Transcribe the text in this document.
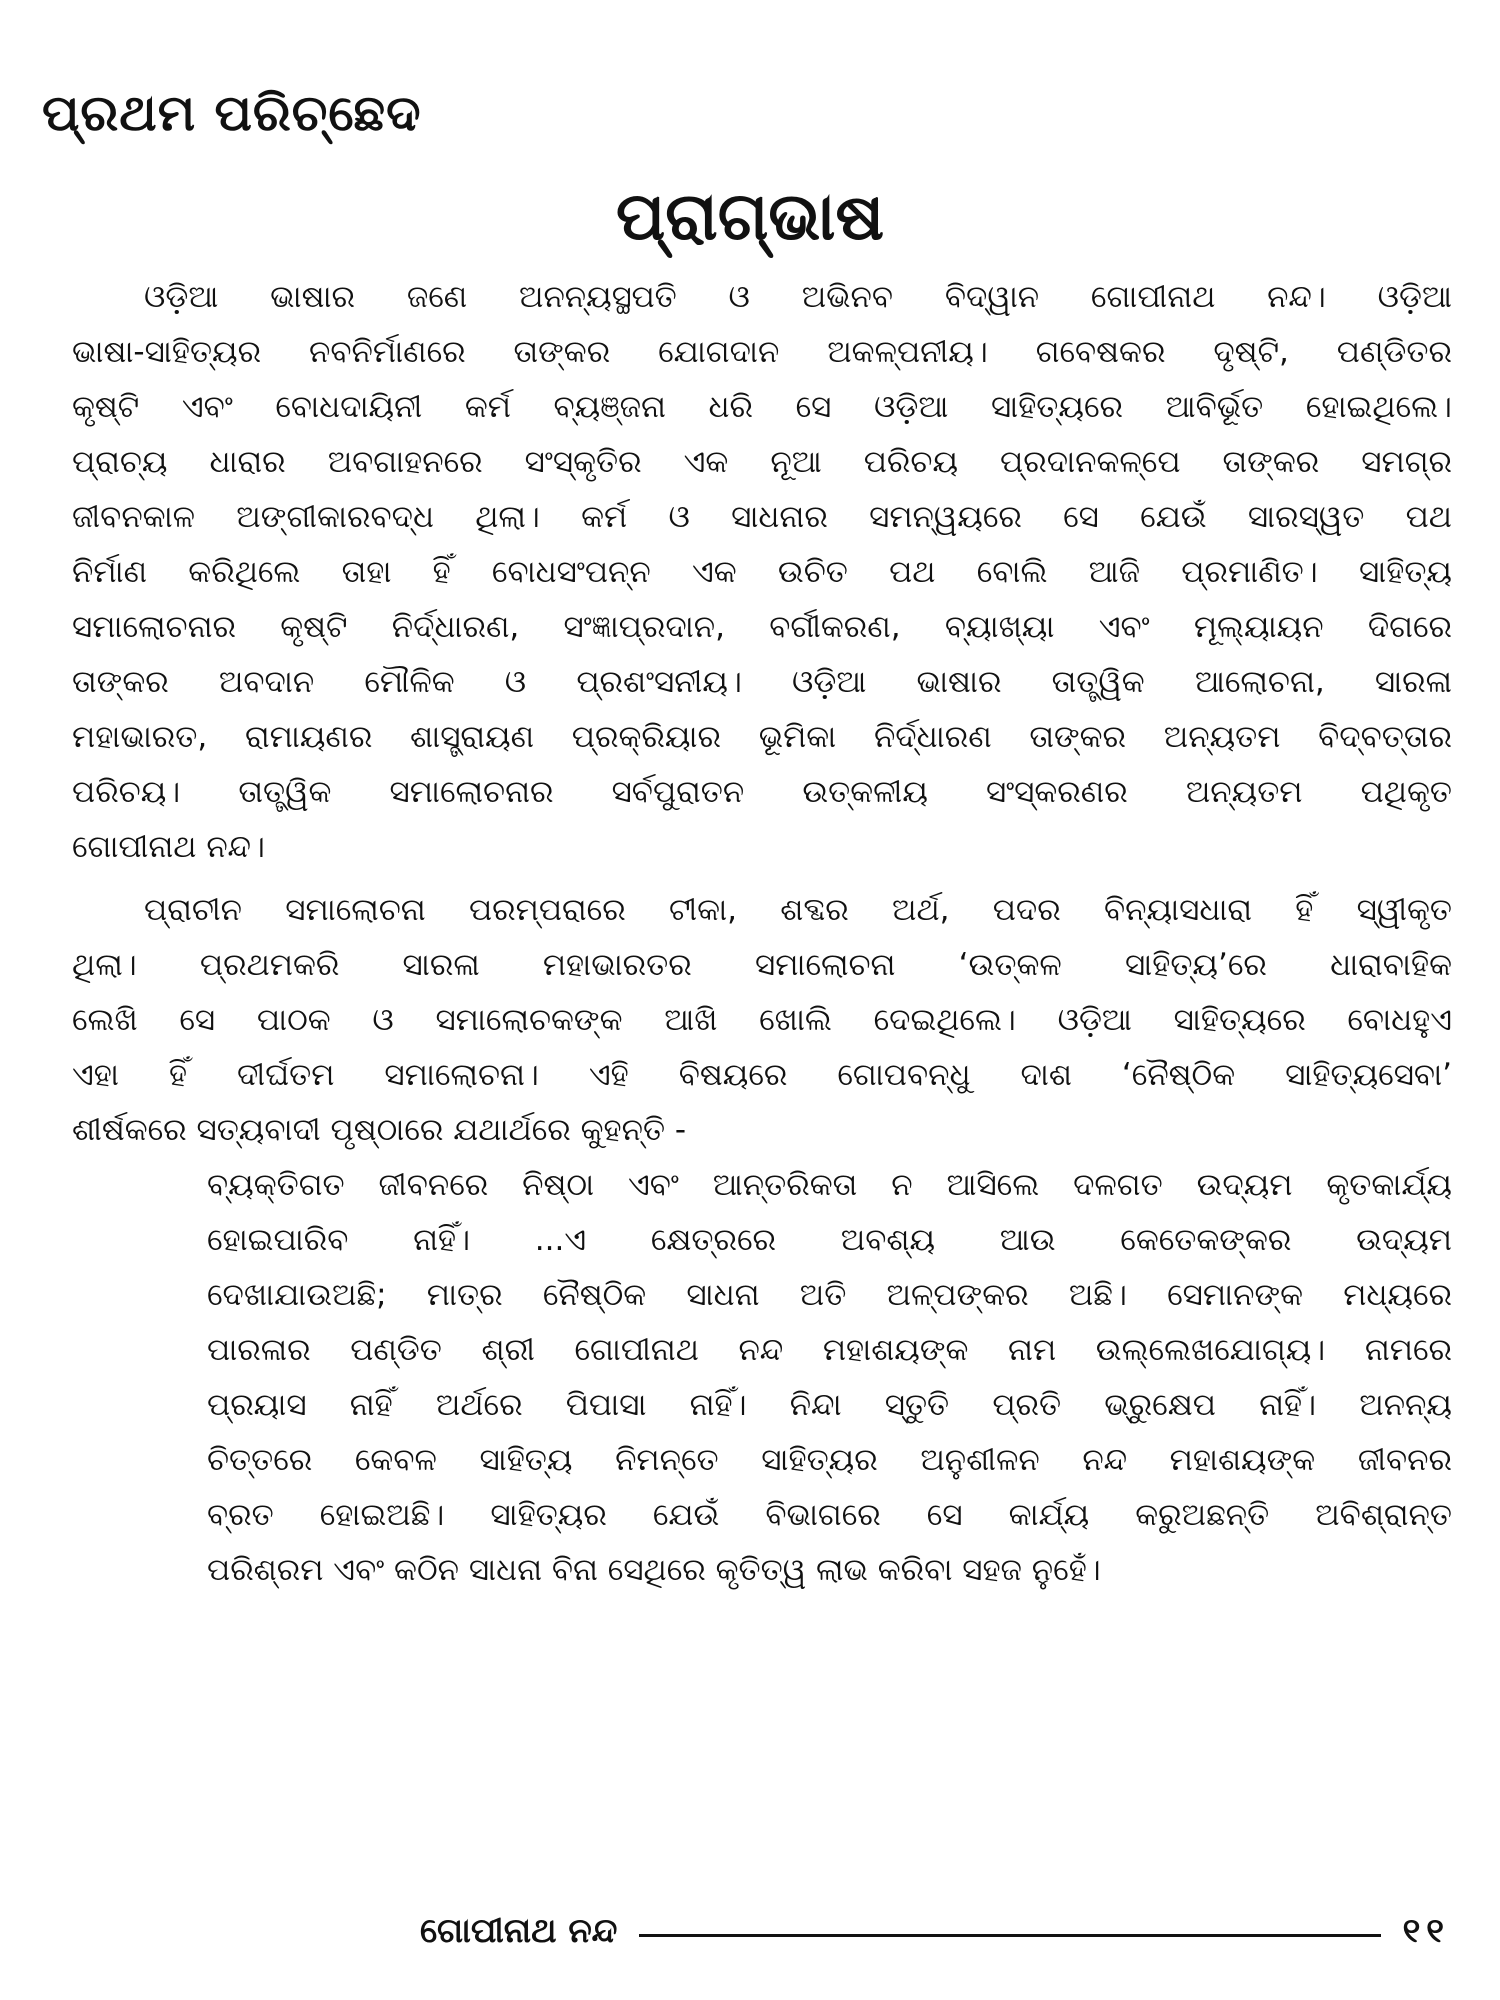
ପ୍ରଥମ ପରିଚ୍ଛେଦ
ପ୍ରାଗ୍‌ଭାଷ
ଓଡ଼ିଆ ଭାଷାର ଜଣେ ଅନନ୍ୟସ୍ଥପତି ଓ ଅଭିନବ ବିଦ୍ୱାନ ଗୋପୀନାଥ ନନ୍ଦ। ଓଡ଼ିଆ
ଭାଷା-ସାହିତ୍ୟର ନବନିର୍ମାଣରେ ତାଙ୍କର ଯୋଗଦାନ ଅକଳ୍ପନୀୟ। ଗବେଷକର ଦୃଷ୍ଟି, ପଣ୍ଡିତର
କୃଷ୍ଟି ଏବଂ ବୋଧଦାୟିନୀ କର୍ମ ବ୍ୟଞ୍ଜନା ଧରି ସେ ଓଡ଼ିଆ ସାହିତ୍ୟରେ ଆବିର୍ଭୂତ ହୋଇଥିଲେ।
ପ୍ରାଚ୍ୟ ଧାରାର ଅବଗାହନରେ ସଂସ୍କୃତିର ଏକ ନୂଆ ପରିଚୟ ପ୍ରଦାନକଳ୍ପେ ତାଙ୍କର ସମଗ୍ର
ଜୀବନକାଳ ଅଙ୍ଗୀକାରବଦ୍ଧ ଥିଲା। କର୍ମ ଓ ସାଧନାର ସମନ୍ୱୟରେ ସେ ଯେଉଁ ସାରସ୍ୱତ ପଥ
ନିର୍ମାଣ କରିଥିଲେ ତାହା ହିଁ ବୋଧସଂପନ୍ନ ଏକ ଉଚିତ ପଥ ବୋଲି ଆଜି ପ୍ରମାଣିତ। ସାହିତ୍ୟ
ସମାଲୋଚନାର କୃଷ୍ଟି ନିର୍ଦ୍ଧାରଣ, ସଂଜ୍ଞାପ୍ରଦାନ, ବର୍ଗୀକରଣ, ବ୍ୟାଖ୍ୟା ଏବଂ ମୂଲ୍ୟାୟନ ଦିଗରେ
ତାଙ୍କର ଅବଦାନ ମୌଳିକ ଓ ପ୍ରଶଂସନୀୟ। ଓଡ଼ିଆ ଭାଷାର ତାତ୍ତ୍ୱିକ ଆଲୋଚନା, ସାରଳା
ମହାଭାରତ, ରାମାୟଣର ଶାସ୍ତ୍ରାୟଣ ପ୍ରକ୍ରିୟାର ଭୂମିକା ନିର୍ଦ୍ଧାରଣ ତାଙ୍କର ଅନ୍ୟତମ ବିଦ୍‌ବତ୍ତାର
ପରିଚୟ। ତାତ୍ତ୍ୱିକ ସମାଲୋଚନାର ସର୍ବପୁରାତନ ଉତ୍କଳୀୟ ସଂସ୍କରଣର ଅନ୍ୟତମ ପଥିକୃତ
ଗୋପୀନାଥ ନନ୍ଦ।
ପ୍ରାଚୀନ ସମାଲୋଚନା ପରମ୍ପରାରେ ଟୀକା, ଶବ୍ଦର ଅର୍ଥ, ପଦର ବିନ୍ୟାସଧାରା ହିଁ ସ୍ୱୀକୃତ
ଥିଲା। ପ୍ରଥମକରି ସାରଳା ମହାଭାରତର ସମାଲୋଚନା ‘ଉତ୍କଳ ସାହିତ୍ୟ’ରେ ଧାରାବାହିକ
ଲେଖି ସେ ପାଠକ ଓ ସମାଲୋଚକଙ୍କ ଆଖି ଖୋଲି ଦେଇଥିଲେ। ଓଡ଼ିଆ ସାହିତ୍ୟରେ ବୋଧହୁଏ
ଏହା ହିଁ ଦୀର୍ଘତମ ସମାଲୋଚନା। ଏହି ବିଷୟରେ ଗୋପବନ୍ଧୁ ଦାଶ ‘ନୈଷ୍ଠିକ ସାହିତ୍ୟସେବା’
ଶୀର୍ଷକରେ ସତ୍ୟବାଦୀ ପୃଷ୍ଠାରେ ଯଥାର୍ଥରେ କୁହନ୍ତି -
ବ୍ୟକ୍ତିଗତ ଜୀବନରେ ନିଷ୍ଠା ଏବଂ ଆନ୍ତରିକତା ନ ଆସିଲେ ଦଳଗତ ଉଦ୍ୟମ କୃତକାର୍ଯ୍ୟ
ହୋଇପାରିବ ନାହିଁ। ...ଏ କ୍ଷେତ୍ରରେ ଅବଶ୍ୟ ଆଉ କେତେକଙ୍କର ଉଦ୍ୟମ
ଦେଖାଯାଉଅଛି; ମାତ୍ର ନୈଷ୍ଠିକ ସାଧନା ଅତି ଅଳ୍ପଙ୍କର ଅଛି। ସେମାନଙ୍କ ମଧ୍ୟରେ
ପାରଳାର ପଣ୍ଡିତ ଶ୍ରୀ ଗୋପୀନାଥ ନନ୍ଦ ମହାଶୟଙ୍କ ନାମ ଉଲ୍ଲେଖଯୋଗ୍ୟ। ନାମରେ
ପ୍ରୟାସ ନାହିଁ ଅର୍ଥରେ ପିପାସା ନାହିଁ। ନିନ୍ଦା ସ୍ତୁତି ପ୍ରତି ଭ୍ରୁକ୍ଷେପ ନାହିଁ। ଅନନ୍ୟ
ଚିତ୍ତରେ କେବଳ ସାହିତ୍ୟ ନିମନ୍ତେ ସାହିତ୍ୟର ଅନୁଶୀଳନ ନନ୍ଦ ମହାଶୟଙ୍କ ଜୀବନର
ବ୍ରତ ହୋଇଅଛି। ସାହିତ୍ୟର ଯେଉଁ ବିଭାଗରେ ସେ କାର୍ଯ୍ୟ କରୁଅଛନ୍ତି ଅବିଶ୍ରାନ୍ତ
ପରିଶ୍ରମ ଏବଂ କଠିନ ସାଧନା ବିନା ସେଥିରେ କୃତିତ୍ୱ ଲାଭ କରିବା ସହଜ ନୁହେଁ।
ଗୋପୀନାଥ ନନ୍ଦ	୧୧
